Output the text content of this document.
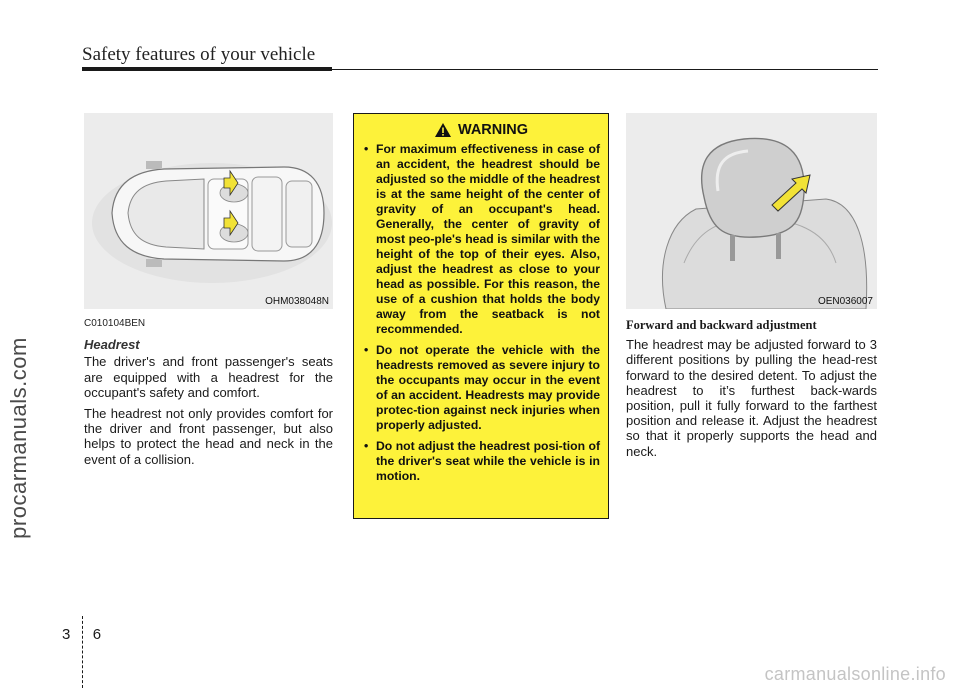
Safety features of your vehicle
procarmanuals.com
carmanualsonline.info
OHM038048N
C010104BEN
Headrest

The driver's and front passenger's seats are equipped with a headrest for the occupant's safety and comfort.

The headrest not only provides comfort for the driver and front passenger, but also helps to protect the head and neck in the event of a collision.

WARNING
• For maximum effectiveness in case of an accident, the headrest should be adjusted so the middle of the headrest is at the same height of the center of gravity of an occupant's head. Generally, the center of gravity of most peo-ple's head is similar with the height of the top of their eyes. Also, adjust the headrest as close to your head as possible. For this reason, the use of a cushion that holds the body away from the seatback is not recommended.
• Do not operate the vehicle with the headrests removed as severe injury to the occupants may occur in the event of an accident. Headrests may provide protec-tion against neck injuries when properly adjusted.
• Do not adjust the headrest posi-tion of the driver's seat while the vehicle is in motion.
OEN036007
Forward and backward adjustment

The headrest may be adjusted forward to 3 different positions by pulling the head-rest forward to the desired detent. To adjust the headrest to it’s furthest back-wards position, pull it fully forward to the farthest position and release it. Adjust the headrest so that it properly supports the head and neck.

3 6
